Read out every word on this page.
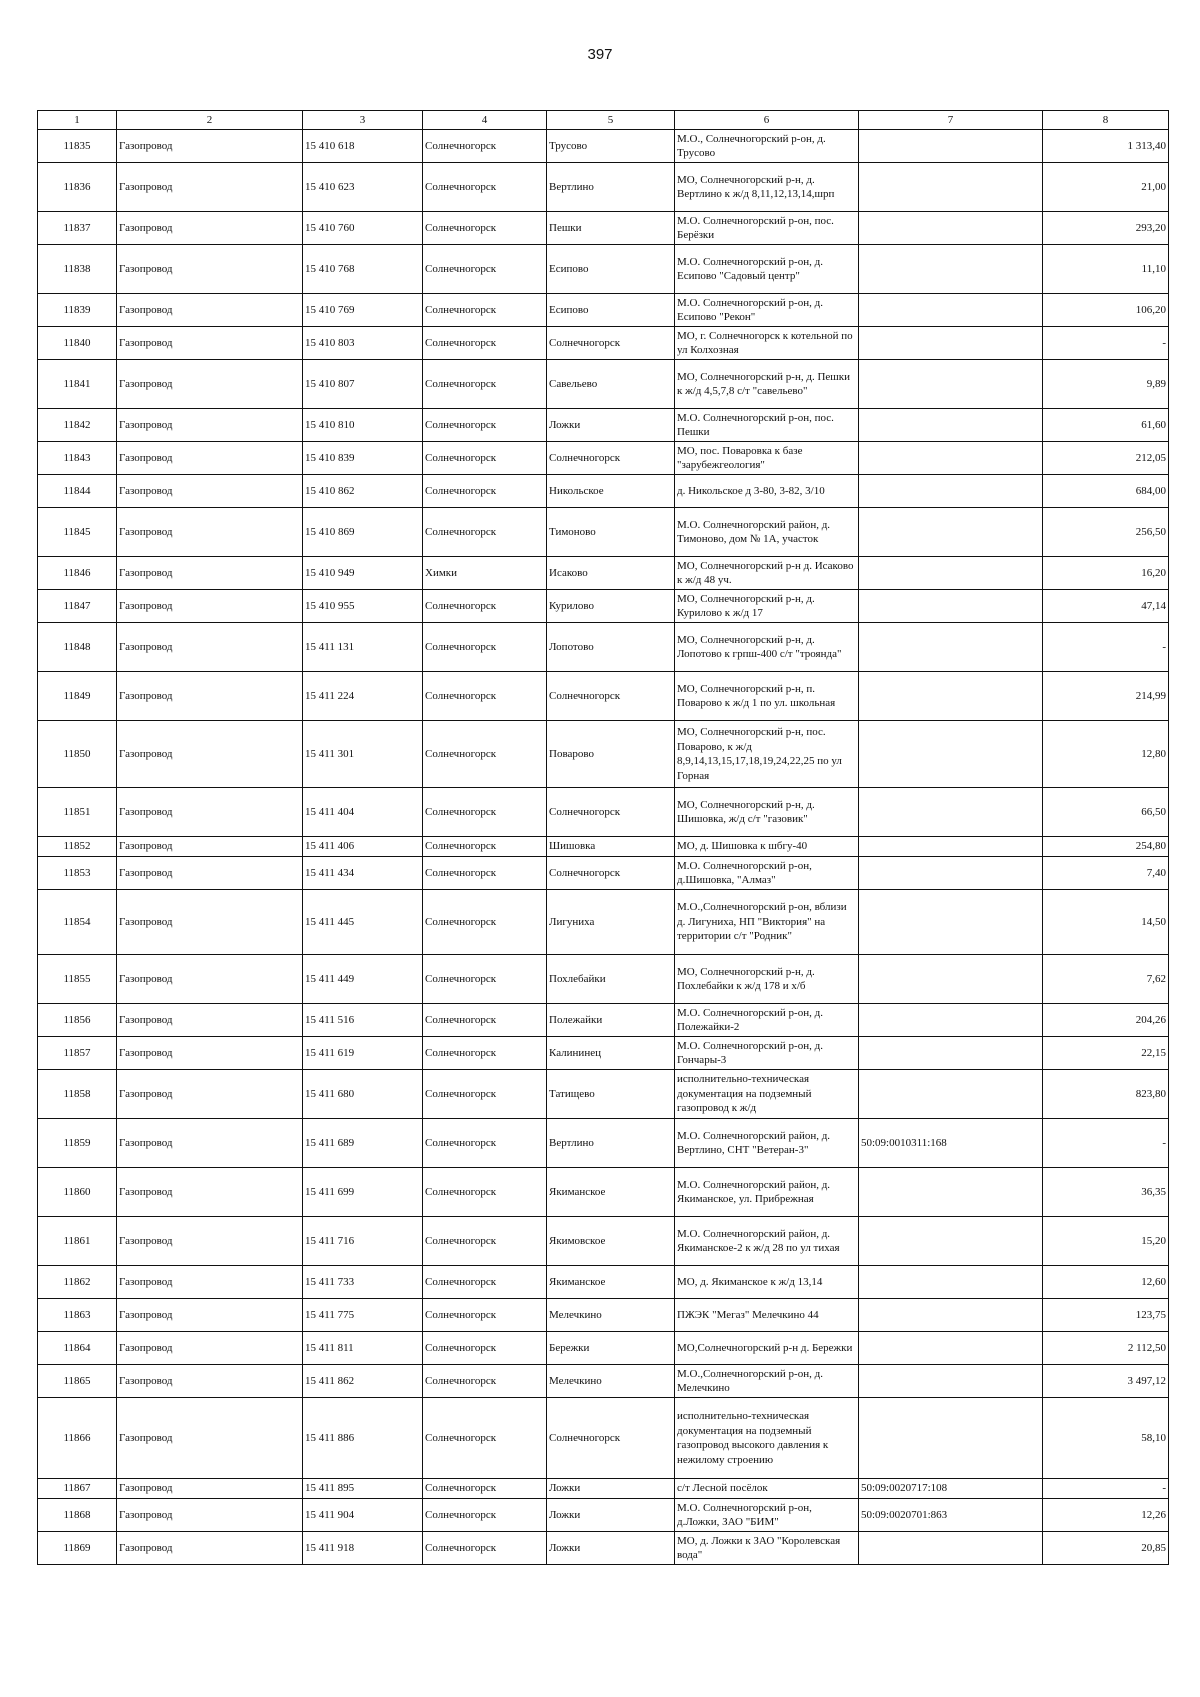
397
1	2	3	4	5	6	7	8
11835	Газопровод	15 410 618	Солнечногорск	Трусово	М.О., Солнечногорский р-он, д. Трусово		1 313,40
11836	Газопровод	15 410 623	Солнечногорск	Вертлино	МО, Солнечногорский р-н, д. Вертлино к ж/д 8,11,12,13,14,шрп		21,00
11837	Газопровод	15 410 760	Солнечногорск	Пешки	М.О. Солнечногорский р-он, пос. Берёзки		293,20
11838	Газопровод	15 410 768	Солнечногорск	Есипово	М.О. Солнечногорский р-он, д. Есипово "Садовый центр"		11,10
11839	Газопровод	15 410 769	Солнечногорск	Есипово	М.О. Солнечногорский р-он, д. Есипово "Рекон"		106,20
11840	Газопровод	15 410 803	Солнечногорск	Солнечногорск	МО, г. Солнечногорск к котельной по ул Колхозная		-
11841	Газопровод	15 410 807	Солнечногорск	Савельево	МО, Солнечногорский р-н, д. Пешки к ж/д 4,5,7,8 с/т "савельево"		9,89
11842	Газопровод	15 410 810	Солнечногорск	Ложки	М.О. Солнечногорский р-он, пос. Пешки		61,60
11843	Газопровод	15 410 839	Солнечногорск	Солнечногорск	МО, пос. Поваровка к базе "зарубежгеология"		212,05
11844	Газопровод	15 410 862	Солнечногорск	Никольское	д. Никольское д 3-80, 3-82, 3/10		684,00
11845	Газопровод	15 410 869	Солнечногорск	Тимоново	М.О. Солнечногорский район, д. Тимоново, дом № 1А, участок		256,50
11846	Газопровод	15 410 949	Химки	Исаково	МО, Солнечногорский р-н д. Исаково к ж/д 48 уч.		16,20
11847	Газопровод	15 410 955	Солнечногорск	Курилово	МО, Солнечногорский р-н, д. Курилово к ж/д 17		47,14
11848	Газопровод	15 411 131	Солнечногорск	Лопотово	МО, Солнечногорский р-н, д. Лопотово к грпш-400 с/т "троянда"		-
11849	Газопровод	15 411 224	Солнечногорск	Солнечногорск	МО, Солнечногорский р-н, п. Поварово к ж/д 1 по ул. школьная		214,99
11850	Газопровод	15 411 301	Солнечногорск	Поварово	МО, Солнечногорский р-н, пос. Поварово, к ж/д 8,9,14,13,15,17,18,19,24,22,25 по ул Горная		12,80
11851	Газопровод	15 411 404	Солнечногорск	Солнечногорск	МО, Солнечногорский р-н, д. Шишовка, ж/д с/т "газовик"		66,50
11852	Газопровод	15 411 406	Солнечногорск	Шишовка	МО, д. Шишовка к шбгу-40		254,80
11853	Газопровод	15 411 434	Солнечногорск	Солнечногорск	М.О. Солнечногорский р-он, д.Шишовка, "Алмаз"		7,40
11854	Газопровод	15 411 445	Солнечногорск	Лигуниха	М.О.,Солнечногорский р-он, вблизи д. Лигуниха, НП "Виктория" на территории с/т "Родник"		14,50
11855	Газопровод	15 411 449	Солнечногорск	Похлебайки	МО, Солнечногорский р-н, д. Похлебайки к ж/д 178 и х/б		7,62
11856	Газопровод	15 411 516	Солнечногорск	Полежайки	М.О. Солнечногорский р-он, д. Полежайки-2		204,26
11857	Газопровод	15 411 619	Солнечногорск	Калининец	М.О. Солнечногорский р-он, д. Гончары-3		22,15
11858	Газопровод	15 411 680	Солнечногорск	Татищево	исполнительно-техническая документация на подземный газопровод к ж/д		823,80
11859	Газопровод	15 411 689	Солнечногорск	Вертлино	М.О. Солнечногорский район, д. Вертлино, СНТ "Ветеран-3"	50:09:0010311:168	-
11860	Газопровод	15 411 699	Солнечногорск	Якиманское	М.О. Солнечногорский район, д. Якиманское, ул. Прибрежная		36,35
11861	Газопровод	15 411 716	Солнечногорск	Якимовское	М.О. Солнечногорский район, д. Якиманское-2 к ж/д 28 по ул тихая		15,20
11862	Газопровод	15 411 733	Солнечногорск	Якиманское	МО, д. Якиманское к ж/д 13,14		12,60
11863	Газопровод	15 411 775	Солнечногорск	Мелечкино	ПЖЭК "Мегаз" Мелечкино 44		123,75
11864	Газопровод	15 411 811	Солнечногорск	Бережки	МО,Солнечногорский р-н д. Бережки		2 112,50
11865	Газопровод	15 411 862	Солнечногорск	Мелечкино	М.О.,Солнечногорский р-он, д. Мелечкино		3 497,12
11866	Газопровод	15 411 886	Солнечногорск	Солнечногорск	исполнительно-техническая документация на подземный газопровод высокого давления к нежилому строению		58,10
11867	Газопровод	15 411 895	Солнечногорск	Ложки	с/т Лесной посёлок	50:09:0020717:108	-
11868	Газопровод	15 411 904	Солнечногорск	Ложки	М.О. Солнечногорский р-он, д.Ложки, ЗАО "БИМ"	50:09:0020701:863	12,26
11869	Газопровод	15 411 918	Солнечногорск	Ложки	МО, д. Ложки к ЗАО "Королевская вода"		20,85
